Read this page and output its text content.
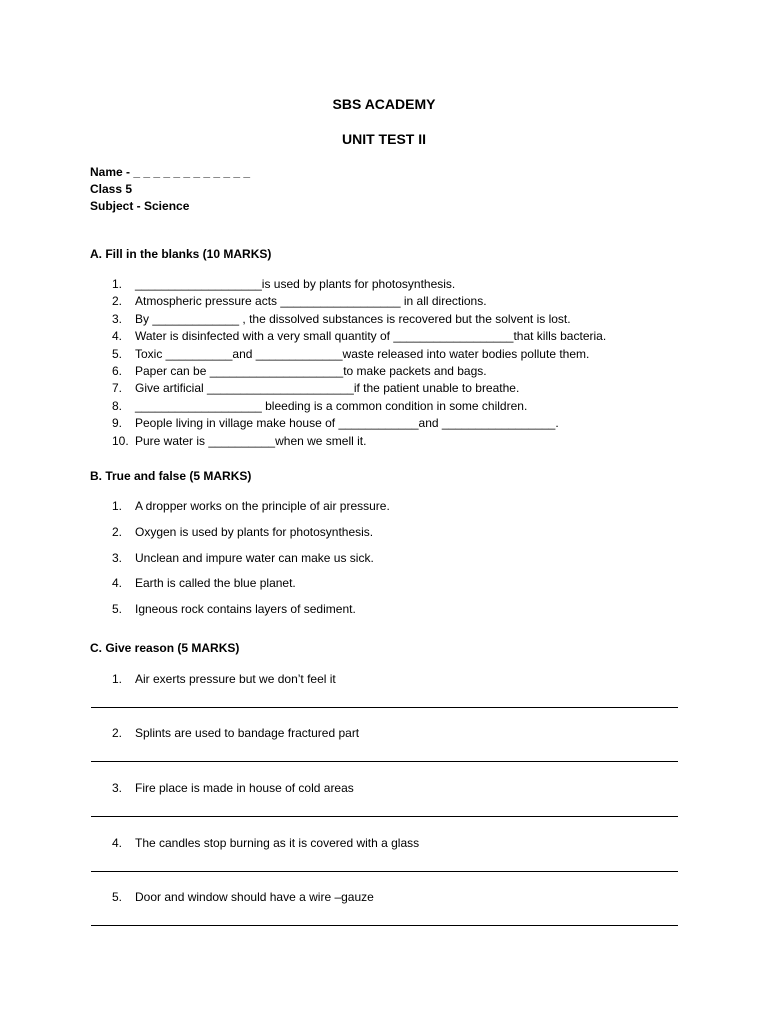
SBS ACADEMY
UNIT TEST II
Name - _ _ _ _ _ _ _ _ _ _ _ _
Class 5
Subject - Science
A. Fill in the blanks (10 MARKS)
1. ___________________is used by plants for photosynthesis.
2. Atmospheric pressure acts __________________ in all directions.
3. By _____________ , the dissolved substances is recovered but the solvent is lost.
4. Water is disinfected with a very small quantity of __________________that kills bacteria.
5. Toxic __________and _____________waste released into water bodies pollute them.
6. Paper can be ____________________to make packets and bags.
7. Give artificial ______________________if the patient unable to breathe.
8. ___________________ bleeding is a common condition in some children.
9. People living in village make house of ____________and _________________.
10. Pure water is __________when we smell it.
B. True and false (5 MARKS)
1. A dropper works on the principle of air pressure.
2. Oxygen is used by plants for photosynthesis.
3. Unclean and impure water can make us sick.
4. Earth is called the blue planet.
5. Igneous rock contains layers of sediment.
C. Give reason (5 MARKS)
1. Air exerts pressure but we don’t feel it
2. Splints are used to bandage fractured part
3. Fire place is made in house of cold areas
4. The candles stop burning as it is covered with a glass
5. Door and window should have a wire –gauze
